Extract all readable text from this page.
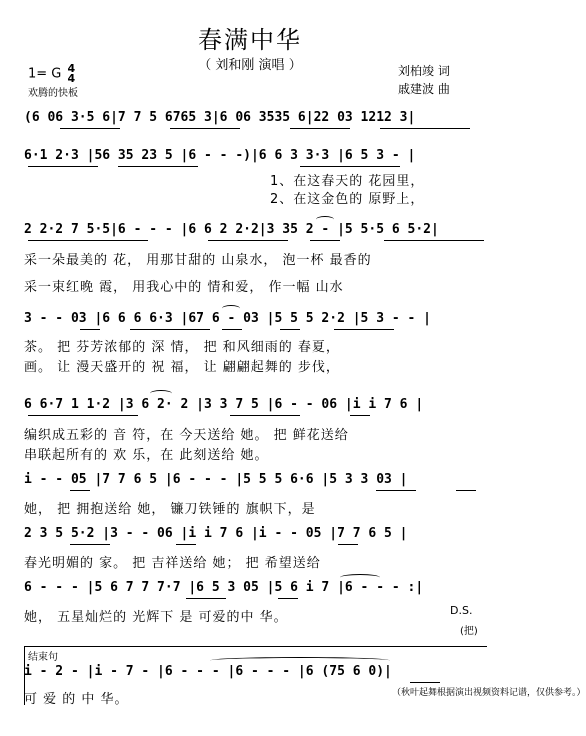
春满中华
（ 刘和刚 演唱 ）
1= G 4
4
欢腾的快板
刘柏竣 词
戚建波 曲
(6 06 3·5 6|7 7 5 6765 3|6 06 3535 6|22 03 1212 3|
6·1 2·3 |56 35 23 5 |6 - - -)|6 6 3 3·3 |6 5 3 - |
1、在这春天的 花园里，
2、在这金色的 原野上，
2 2·2 7 5·5|6 - - - |6 6 2 2·2|3 35 2 - |5 5·5 6 5·2|
采一朵最美的 花， 用那甘甜的 山泉水， 泡一杯 最香的
采一束红晚 霞， 用我心中的 情和爱， 作一幅 山水
3 - - 03 |6 6 6 6·3 |67 6 - 03 |5 5 5 2·2 |5 3 - - |
茶。 把 芬芳浓郁的 深 情， 把 和风细雨的 春夏，
画。 让 漫天盛开的 祝 福， 让 翩翩起舞的 步伐，
6 6·7 1 1·2 |3 6 2· 2 |3 3 7 5 |6 - - 06 |i i 7 6 |
编织成五彩的 音 符，在 今天送给 她。 把 鲜花送给
串联起所有的 欢 乐，在 此刻送给 她。
i - - 05 |7 7 6 5 |6 - - - |5 5 5 6·6 |5 3 3 03 |
她， 把 拥抱送给 她， 镰刀铁锤的 旗帜下，是
2 3 5 5·2 |3 - - 06 |i i 7 6 |i - - 05 |7 7 6 5 |
春光明媚的 家。 把 吉祥送给 她； 把 希望送给
6 - - - |5 6 7 7 7·7 |6 5 3 05 |5 6 i 7 |6 - - - :|
她， 五星灿烂的 光辉下 是 可爱的中 华。	D.S.
(把)
结束句
i - 2 - |i - 7 - |6 - - - |6 - - - |6 (75 6 0)|
可 爱 的 中 华。	（秋叶起舞根据演出视频资料记谱，仅供参考。）
